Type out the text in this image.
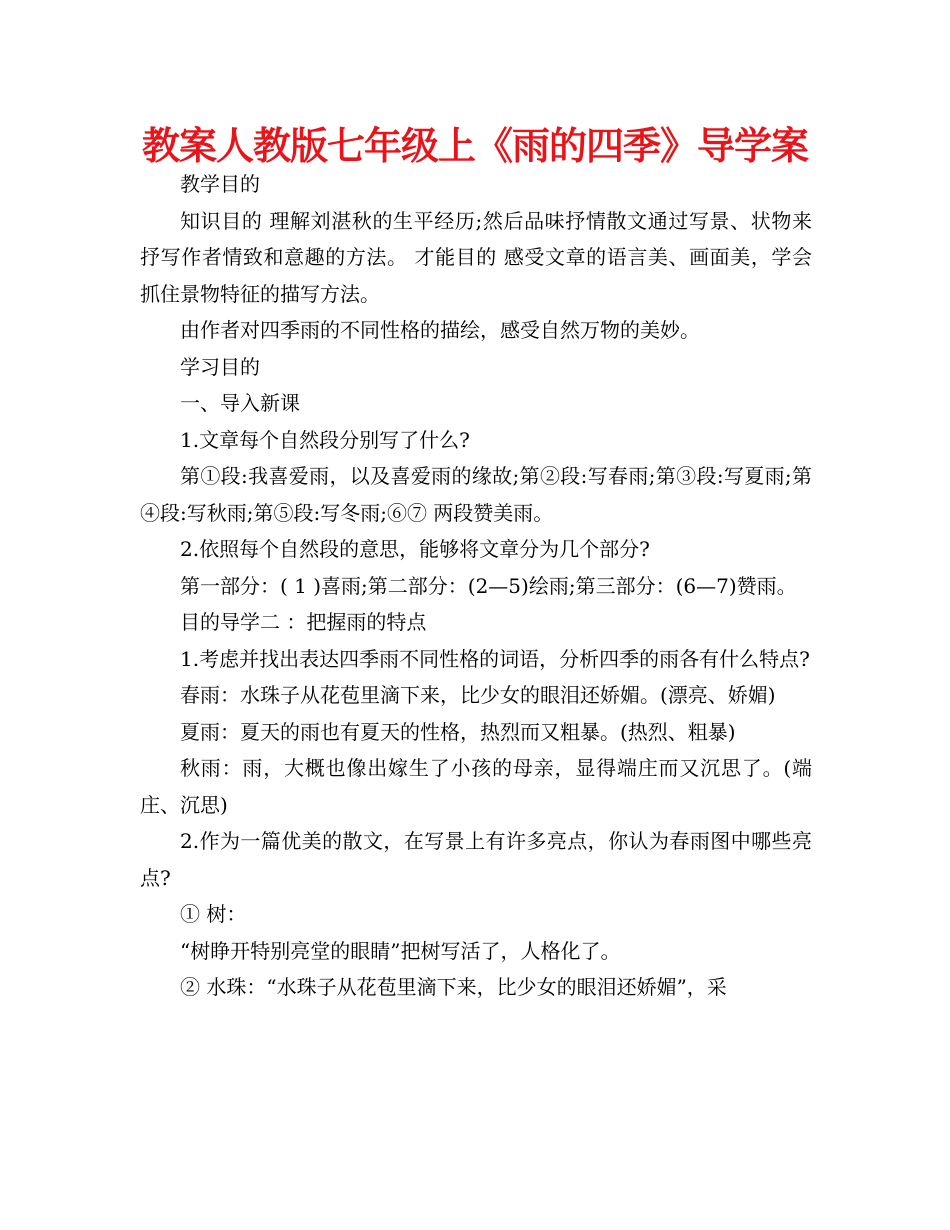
教案人教版七年级上《雨的四季》导学案

教学目的

知识目的 理解刘湛秋的生平经历;然后品味抒情散文通过写景、状物来抒写作者情致和意趣的方法。 才能目的 感受文章的语言美、画面美，学会抓住景物特征的描写方法。

由作者对四季雨的不同性格的描绘，感受自然万物的美妙。

学习目的

一、导入新课

1.文章每个自然段分别写了什么?

第①段:我喜爱雨，以及喜爱雨的缘故;第②段:写春雨;第③段:写夏雨;第④段:写秋雨;第⑤段:写冬雨;⑥⑦ 两段赞美雨。

2.依照每个自然段的意思，能够将文章分为几个部分?

第一部分：( 1 )喜雨;第二部分：(2—5)绘雨;第三部分：(6—7)赞雨。

目的导学二 ：把握雨的特点

1.考虑并找出表达四季雨不同性格的词语，分析四季的雨各有什么特点?

春雨：水珠子从花苞里滴下来，比少女的眼泪还娇媚。(漂亮、娇媚)

夏雨：夏天的雨也有夏天的性格，热烈而又粗暴。(热烈、粗暴)

秋雨：雨，大概也像出嫁生了小孩的母亲，显得端庄而又沉思了。(端庄、沉思)

2.作为一篇优美的散文，在写景上有许多亮点，你认为春雨图中哪些亮点?

① 树：

“树睁开特别亮堂的眼睛”把树写活了，人格化了。

② 水珠：“水珠子从花苞里滴下来，比少女的眼泪还娇媚”，采
